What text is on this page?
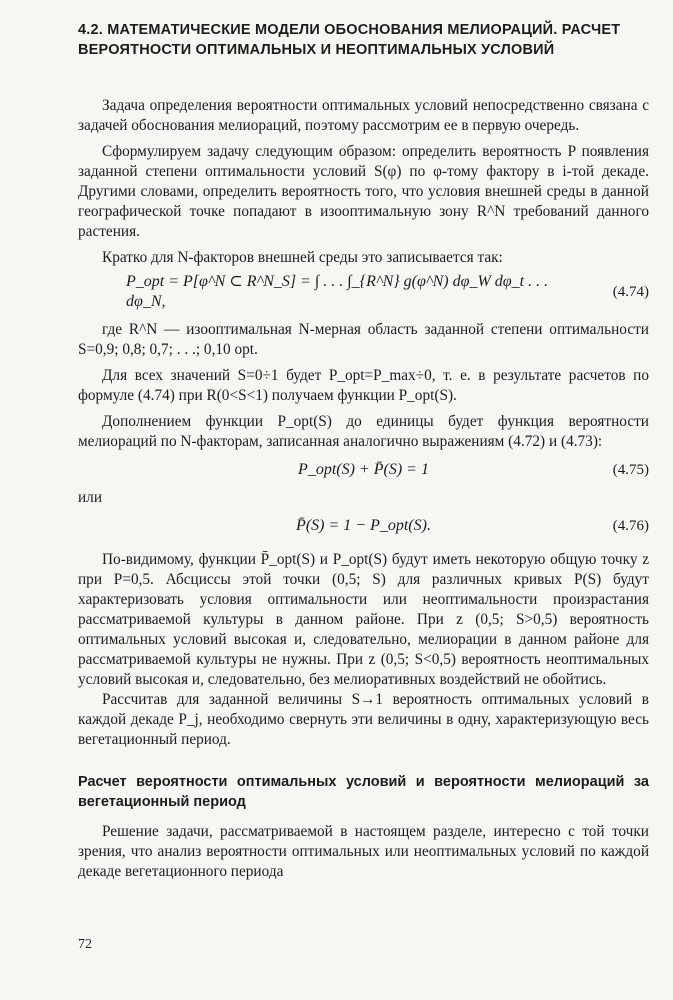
4.2. МАТЕМАТИЧЕСКИЕ МОДЕЛИ ОБОСНОВАНИЯ МЕЛИОРАЦИЙ. РАСЧЕТ ВЕРОЯТНОСТИ ОПТИМАЛЬНЫХ И НЕОПТИМАЛЬНЫХ УСЛОВИЙ

Задача определения вероятности оптимальных условий непосредственно связана с задачей обоснования мелиораций, поэтому рассмотрим ее в первую очередь.

Сформулируем задачу следующим образом: определить вероятность P появления заданной степени оптимальности условий S(φ) по φ-тому фактору в i-той декаде. Другими словами, определить вероятность того, что условия внешней среды в данной географической точке попадают в изооптимальную зону R^N требований данного растения.

Кратко для N-факторов внешней среды это записывается так:

P_opt = P[φ^N ⊂ R^N_S] = ∫ . . . ∫_{R^N} g(φ^N) dφ_W dφ_t . . . dφ_N,
(4.74)

где R^N — изооптимальная N-мерная область заданной степени оптимальности S=0,9; 0,8; 0,7; . . .; 0,10 opt.

Для всех значений S=0÷1 будет P_opt=P_max÷0, т. е. в результате расчетов по формуле (4.74) при R(0<S<1) получаем функции P_opt(S).

Дополнением функции P_opt(S) до единицы будет функция вероятности мелиораций по N-факторам, записанная аналогично выражениям (4.72) и (4.73):

P_opt(S) + P̄(S) = 1	(4.75)

или

P̄(S) = 1 − P_opt(S).	(4.76)

По-видимому, функции P̄_opt(S) и P_opt(S) будут иметь некоторую общую точку z при P=0,5. Абсциссы этой точки (0,5; S) для различных кривых P(S) будут характеризовать условия оптимальности или неоптимальности произрастания рассматриваемой культуры в данном районе. При z (0,5; S>0,5) вероятность оптимальных условий высокая и, следовательно, мелиорации в данном районе для рассматриваемой культуры не нужны. При z (0,5; S<0,5) вероятность неоптимальных условий высокая и, следовательно, без мелиоративных воздействий не обойтись.

Рассчитав для заданной величины S→1 вероятность оптимальных условий в каждой декаде P_j, необходимо свернуть эти величины в одну, характеризующую весь вегетационный период.

Расчет вероятности оптимальных условий и вероятности мелиораций за вегетационный период

Решение задачи, рассматриваемой в настоящем разделе, интересно с той точки зрения, что анализ вероятности оптимальных или неоптимальных условий по каждой декаде вегетационного периода

72
